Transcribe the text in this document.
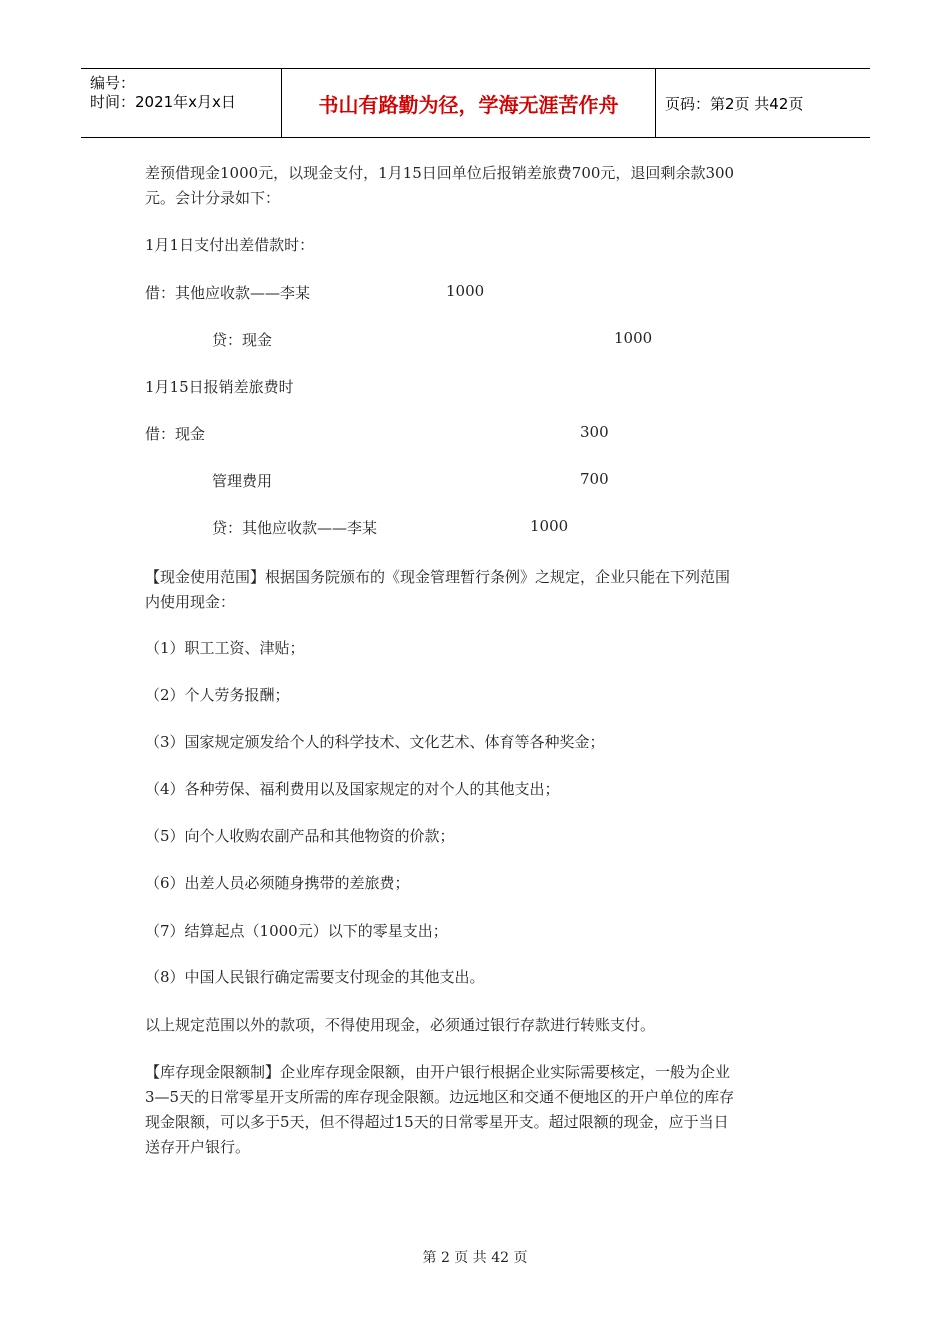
编号：
时间：2021年x月x日	书山有路勤为径，学海无涯苦作舟	页码：第2页 共42页
差预借现金1000元，以现金支付，1月15日回单位后报销差旅费700元，退回剩余款300
元。会计分录如下：
1月1日支付出差借款时：
借：其他应收款——李某	1000
贷：现金	1000
1月15日报销差旅费时
借：现金	300
管理费用	700
贷：其他应收款——李某	1000
【现金使用范围】根据国务院颁布的《现金管理暂行条例》之规定，企业只能在下列范围
内使用现金：
（1）职工工资、津贴；
（2）个人劳务报酬；
（3）国家规定颁发给个人的科学技术、文化艺术、体育等各种奖金；
（4）各种劳保、福利费用以及国家规定的对个人的其他支出；
（5）向个人收购农副产品和其他物资的价款；
（6）出差人员必须随身携带的差旅费；
（7）结算起点（1000元）以下的零星支出；
（8）中国人民银行确定需要支付现金的其他支出。
以上规定范围以外的款项，不得使用现金，必须通过银行存款进行转账支付。
【库存现金限额制】企业库存现金限额，由开户银行根据企业实际需要核定，一般为企业
3—5天的日常零星开支所需的库存现金限额。边远地区和交通不便地区的开户单位的库存
现金限额，可以多于5天，但不得超过15天的日常零星开支。超过限额的现金，应于当日
送存开户银行。
第 2 页 共 42 页
